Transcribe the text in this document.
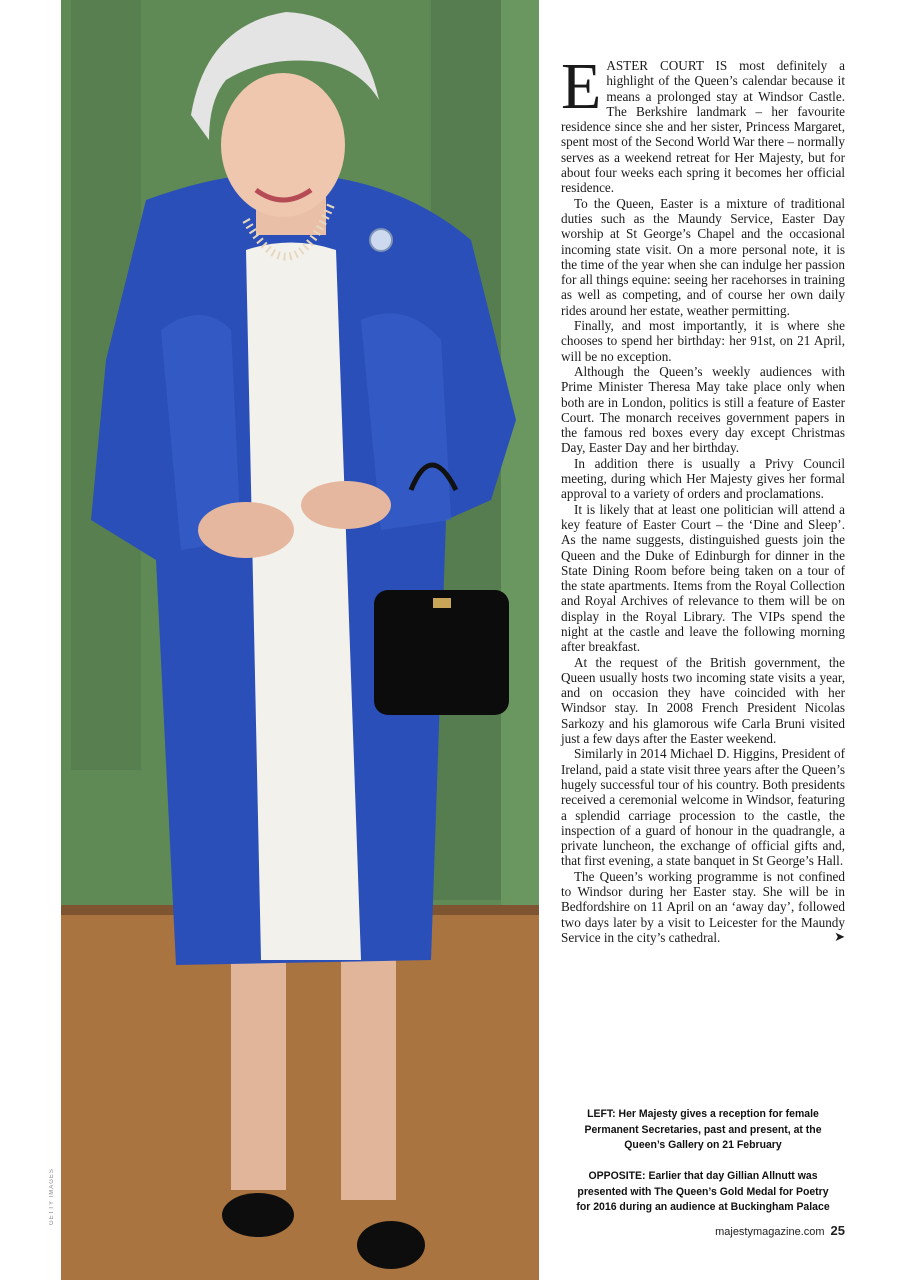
GETTY IMAGES

EASTER COURT IS most definitely a highlight of the Queen’s calendar because it means a prolonged stay at Windsor Castle. The Berkshire landmark – her favourite residence since she and her sister, Princess Margaret, spent most of the Second World War there – normally serves as a weekend retreat for Her Majesty, but for about four weeks each spring it becomes her official residence.

To the Queen, Easter is a mixture of traditional duties such as the Maundy Service, Easter Day worship at St George’s Chapel and the occasional incoming state visit. On a more personal note, it is the time of the year when she can indulge her passion for all things equine: seeing her racehorses in training as well as competing, and of course her own daily rides around her estate, weather permitting.

Finally, and most importantly, it is where she chooses to spend her birthday: her 91st, on 21 April, will be no exception.

Although the Queen’s weekly audiences with Prime Minister Theresa May take place only when both are in London, politics is still a feature of Easter Court. The monarch receives government papers in the famous red boxes every day except Christmas Day, Easter Day and her birthday.

In addition there is usually a Privy Council meeting, during which Her Majesty gives her formal approval to a variety of orders and proclamations.

It is likely that at least one politician will attend a key feature of Easter Court – the ‘Dine and Sleep’. As the name suggests, distinguished guests join the Queen and the Duke of Edinburgh for dinner in the State Dining Room before being taken on a tour of the state apartments. Items from the Royal Collection and Royal Archives of relevance to them will be on display in the Royal Library. The VIPs spend the night at the castle and leave the following morning after breakfast.

At the request of the British government, the Queen usually hosts two incoming state visits a year, and on occasion they have coincided with her Windsor stay. In 2008 French President Nicolas Sarkozy and his glamorous wife Carla Bruni visited just a few days after the Easter weekend.

Similarly in 2014 Michael D. Higgins, President of Ireland, paid a state visit three years after the Queen’s hugely successful tour of his country. Both presidents received a ceremonial welcome in Windsor, featuring a splendid carriage procession to the castle, the inspection of a guard of honour in the quadrangle, a private luncheon, the exchange of official gifts and, that first evening, a state banquet in St George’s Hall.

The Queen’s working programme is not confined to Windsor during her Easter stay. She will be in Bedfordshire on 11 April on an ‘away day’, followed two days later by a visit to Leicester for the Maundy Service in the city’s cathedral.	➤

LEFT: Her Majesty gives a reception for female Permanent Secretaries, past and present, at the Queen’s Gallery on 21 February
OPPOSITE: Earlier that day Gillian Allnutt was presented with The Queen’s Gold Medal for Poetry for 2016 during an audience at Buckingham Palace
majestymagazine.com 25
